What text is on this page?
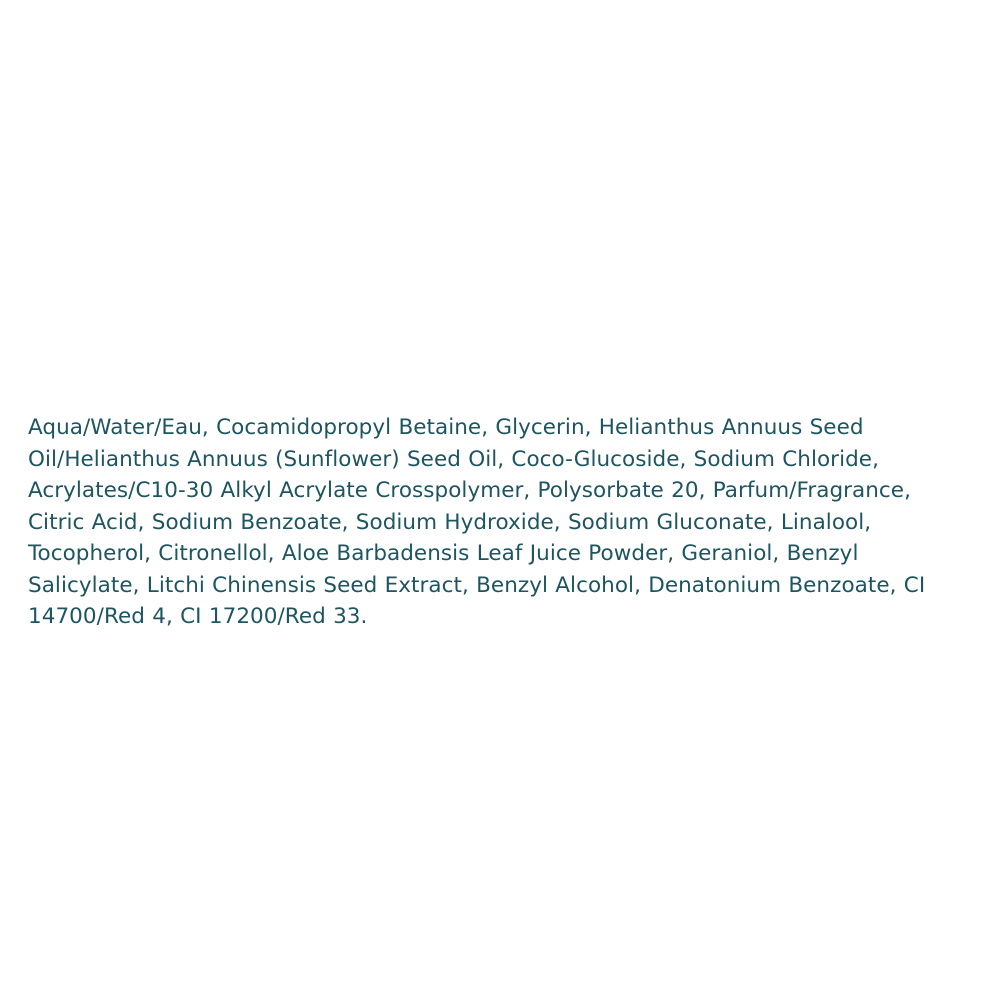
Aqua/Water/Eau, Cocamidopropyl Betaine, Glycerin, Helianthus Annuus Seed Oil/Helianthus Annuus (Sunflower) Seed Oil, Coco-Glucoside, Sodium Chloride, Acrylates/C10-30 Alkyl Acrylate Crosspolymer, Polysorbate 20, Parfum/Fragrance, Citric Acid, Sodium Benzoate, Sodium Hydroxide, Sodium Gluconate, Linalool, Tocopherol, Citronellol, Aloe Barbadensis Leaf Juice Powder, Geraniol, Benzyl Salicylate, Litchi Chinensis Seed Extract, Benzyl Alcohol, Denatonium Benzoate, CI 14700/Red 4, CI 17200/Red 33.
